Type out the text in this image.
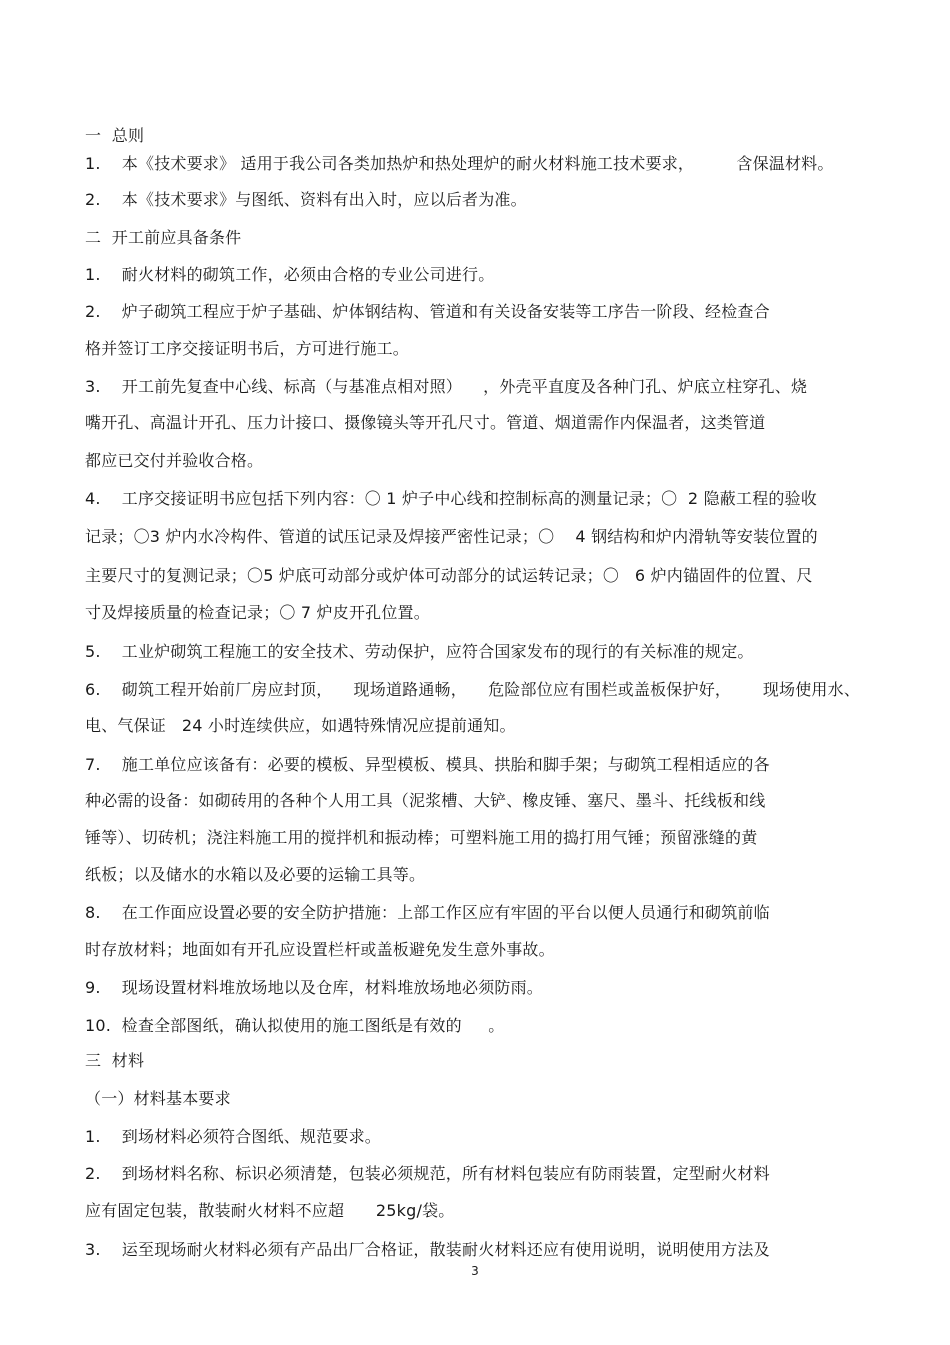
一  总则
1.    本《技术要求》 适用于我公司各类加热炉和热处理炉的耐火材料施工技术要求，        含保温材料。
2.    本《技术要求》与图纸、资料有出入时，应以后者为准。
二  开工前应具备条件
1.    耐火材料的砌筑工作，必须由合格的专业公司进行。
2.    炉子砌筑工程应于炉子基础、炉体钢结构、管道和有关设备安装等工序告一阶段、经检查合
格并签订工序交接证明书后，方可进行施工。
3.    开工前先复查中心线、标高（与基准点相对照）    ，外壳平直度及各种门孔、炉底立柱穿孔、烧
嘴开孔、高温计开孔、压力计接口、摄像镜头等开孔尺寸。管道、烟道需作内保温者，这类管道
都应已交付并验收合格。
4.    工序交接证明书应包括下列内容：〇 1 炉子中心线和控制标高的测量记录；〇  2 隐蔽工程的验收
记录；〇3 炉内水冷构件、管道的试压记录及焊接严密性记录；〇    4 钢结构和炉内滑轨等安装位置的
主要尺寸的复测记录；〇5 炉底可动部分或炉体可动部分的试运转记录；〇   6 炉内锚固件的位置、尺
寸及焊接质量的检查记录；〇 7 炉皮开孔位置。
5.    工业炉砌筑工程施工的安全技术、劳动保护，应符合国家发布的现行的有关标准的规定。
6.    砌筑工程开始前厂房应封顶，    现场道路通畅，    危险部位应有围栏或盖板保护好，      现场使用水、
电、气保证   24 小时连续供应，如遇特殊情况应提前通知。
7.    施工单位应该备有：必要的模板、异型模板、模具、拱胎和脚手架；与砌筑工程相适应的各
种必需的设备：如砌砖用的各种个人用工具（泥浆槽、大铲、橡皮锤、塞尺、墨斗、托线板和线
锤等）、切砖机；浇注料施工用的搅拌机和振动棒；可塑料施工用的捣打用气锤；预留涨缝的黄
纸板；以及储水的水箱以及必要的运输工具等。
8.    在工作面应设置必要的安全防护措施：上部工作区应有牢固的平台以便人员通行和砌筑前临
时存放材料；地面如有开孔应设置栏杆或盖板避免发生意外事故。
9.    现场设置材料堆放场地以及仓库，材料堆放场地必须防雨。
10.  检查全部图纸，确认拟使用的施工图纸是有效的     。
三  材料
（一）材料基本要求
1.    到场材料必须符合图纸、规范要求。
2.    到场材料名称、标识必须清楚，包装必须规范，所有材料包装应有防雨装置，定型耐火材料
应有固定包装，散装耐火材料不应超      25kg/袋。
3.    运至现场耐火材料必须有产品出厂合格证，散装耐火材料还应有使用说明，说明使用方法及
3
